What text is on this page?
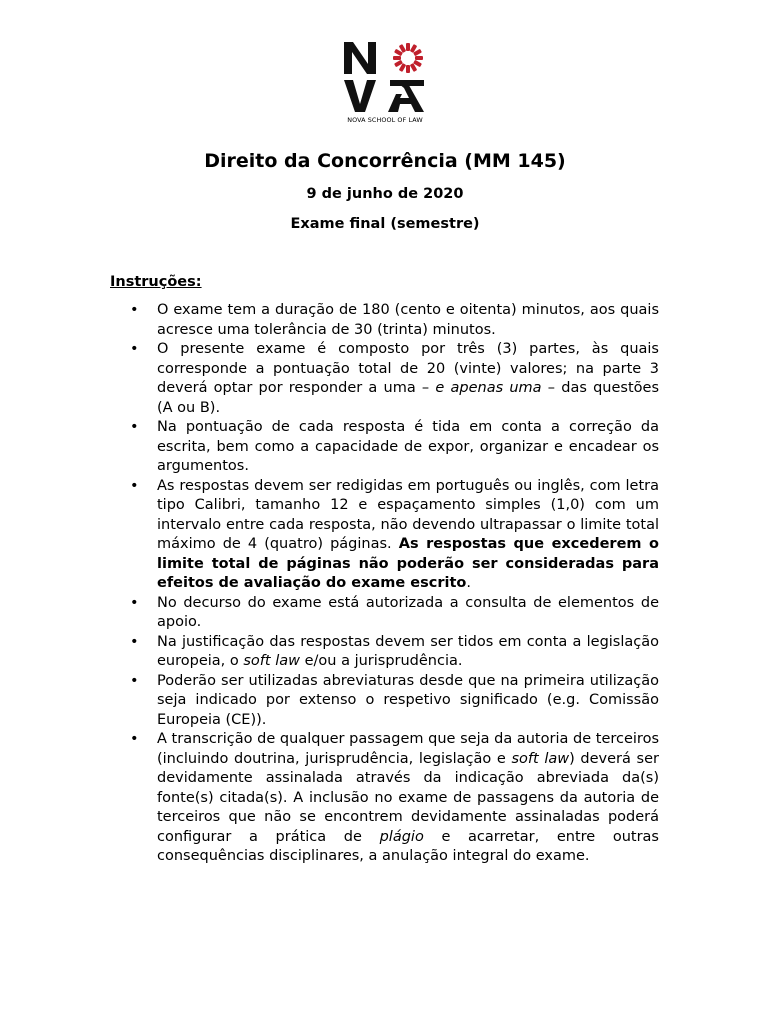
NOVA SCHOOL OF LAW
Direito da Concorrência (MM 145)
9 de junho de 2020
Exame final (semestre)
Instruções:
• O exame tem a duração de 180 (cento e oitenta) minutos, aos quais acresce uma tolerância de 30 (trinta) minutos.
• O presente exame é composto por três (3) partes, às quais corresponde a pontuação total de 20 (vinte) valores; na parte 3 deverá optar por responder a uma – e apenas uma – das questões (A ou B).
• Na pontuação de cada resposta é tida em conta a correção da escrita, bem como a capacidade de expor, organizar e encadear os argumentos.
• As respostas devem ser redigidas em português ou inglês, com letra tipo Calibri, tamanho 12 e espaçamento simples (1,0) com um intervalo entre cada resposta, não devendo ultrapassar o limite total máximo de 4 (quatro) páginas. As respostas que excederem o limite total de páginas não poderão ser consideradas para efeitos de avaliação do exame escrito.
• No decurso do exame está autorizada a consulta de elementos de apoio.
• Na justificação das respostas devem ser tidos em conta a legislação europeia, o soft law e/ou a jurisprudência.
• Poderão ser utilizadas abreviaturas desde que na primeira utilização seja indicado por extenso o respetivo significado (e.g. Comissão Europeia (CE)).
• A transcrição de qualquer passagem que seja da autoria de terceiros (incluindo doutrina, jurisprudência, legislação e soft law) deverá ser devidamente assinalada através da indicação abreviada da(s) fonte(s) citada(s). A inclusão no exame de passagens da autoria de terceiros que não se encontrem devidamente assinaladas poderá configurar a prática de plágio e acarretar, entre outras consequências disciplinares, a anulação integral do exame.
